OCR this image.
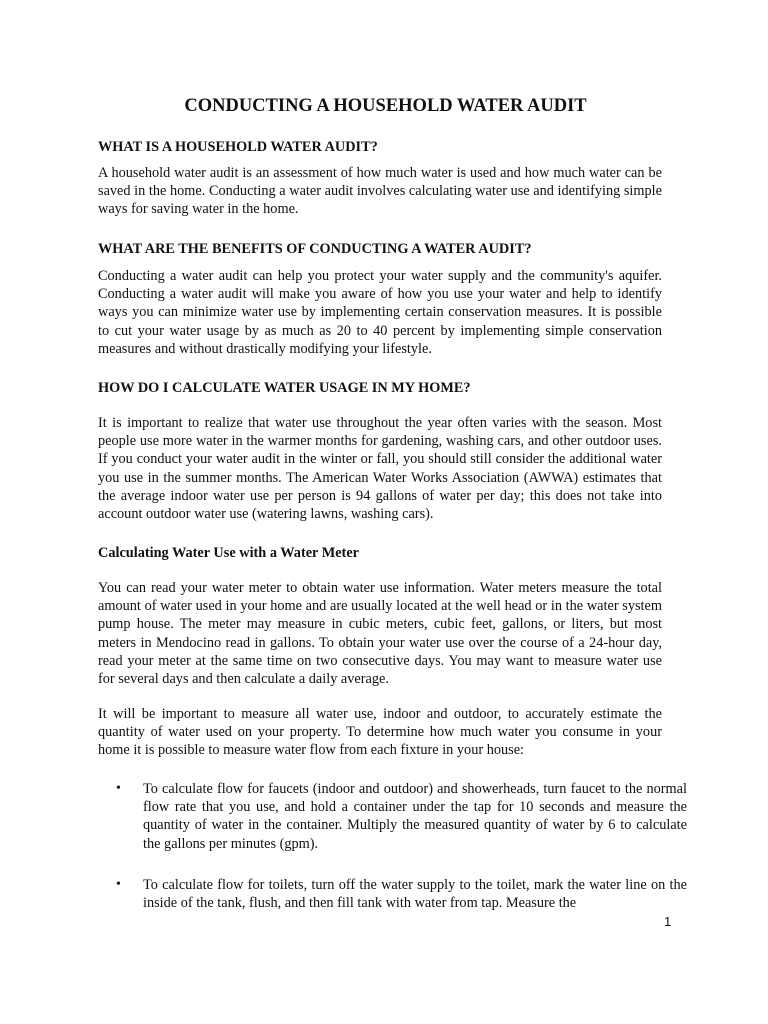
CONDUCTING A HOUSEHOLD WATER AUDIT
WHAT IS A HOUSEHOLD WATER AUDIT?

A household water audit is an assessment of how much water is used and how much water can be saved in the home. Conducting a water audit involves calculating water use and identifying simple ways for saving water in the home.

WHAT ARE THE BENEFITS OF CONDUCTING A WATER AUDIT?

Conducting a water audit can help you protect your water supply and the community's aquifer. Conducting a water audit will make you aware of how you use your water and help to identify ways you can minimize water use by implementing certain conservation measures. It is possible to cut your water usage by as much as 20 to 40 percent by implementing simple conservation measures and without drastically modifying your lifestyle.

HOW DO I CALCULATE WATER USAGE IN MY HOME?

It is important to realize that water use throughout the year often varies with the season. Most people use more water in the warmer months for gardening, washing cars, and other outdoor uses. If you conduct your water audit in the winter or fall, you should still consider the additional water you use in the summer months. The American Water Works Association (AWWA) estimates that the average indoor water use per person is 94 gallons of water per day; this does not take into account outdoor water use (watering lawns, washing cars).

Calculating Water Use with a Water Meter

You can read your water meter to obtain water use information. Water meters measure the total amount of water used in your home and are usually located at the well head or in the water system pump house. The meter may measure in cubic meters, cubic feet, gallons, or liters, but most meters in Mendocino read in gallons. To obtain your water use over the course of a 24-hour day, read your meter at the same time on two consecutive days. You may want to measure water use for several days and then calculate a daily average.

It will be important to measure all water use, indoor and outdoor, to accurately estimate the quantity of water used on your property. To determine how much water you consume in your home it is possible to measure water flow from each fixture in your house:

•	To calculate flow for faucets (indoor and outdoor) and showerheads, turn faucet to the normal flow rate that you use, and hold a container under the tap for 10 seconds and measure the quantity of water in the container. Multiply the measured quantity of water by 6 to calculate the gallons per minutes (gpm).

•	To calculate flow for toilets, turn off the water supply to the toilet, mark the water line on the inside of the tank, flush, and then fill tank with water from tap. Measure the

1
